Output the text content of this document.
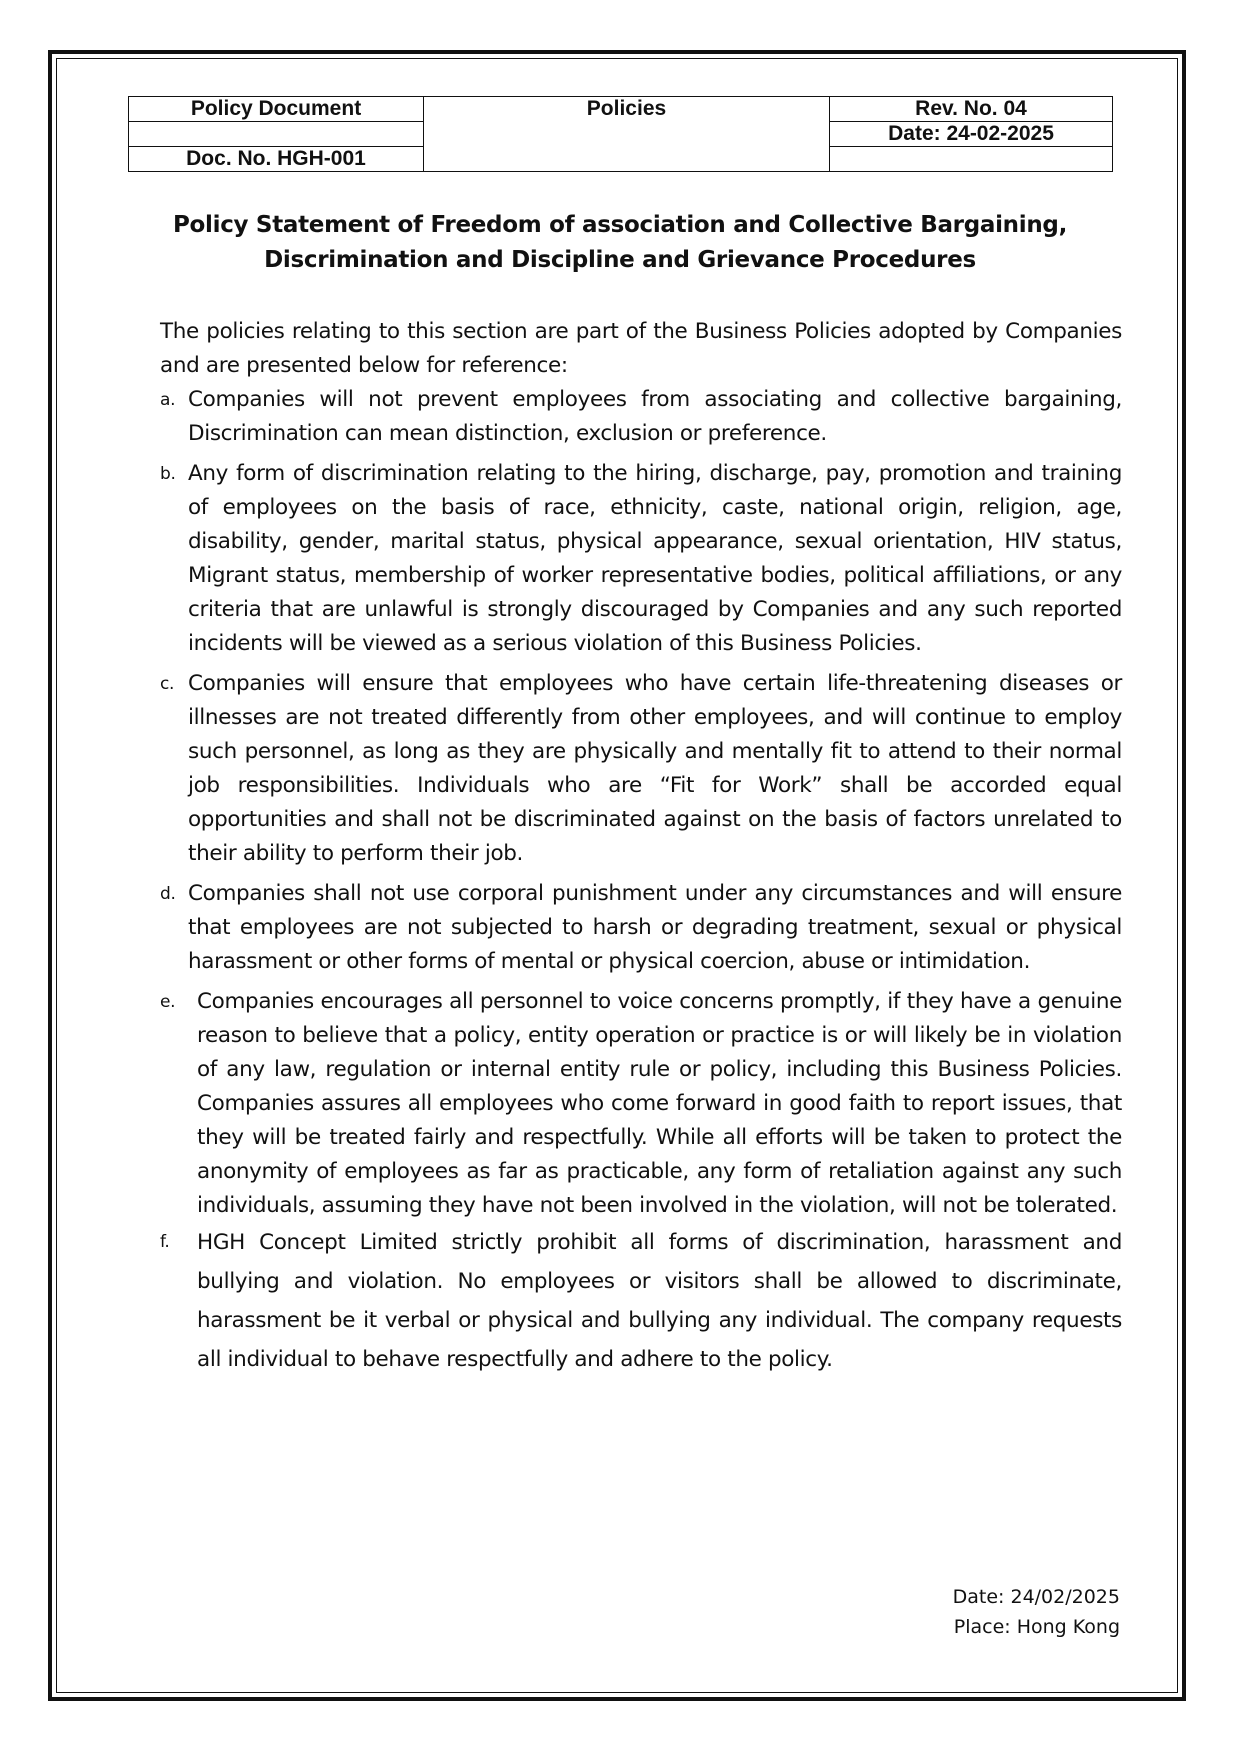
Policy Document	Policies	Rev. No. 04
		Date: 24-02-2025
Doc. No. HGH-001		
Policy Statement of Freedom of association and Collective Bargaining,
Discrimination and Discipline and Grievance Procedures

The policies relating to this section are part of the Business Policies adopted by Companies and are presented below for reference:

a. Companies will not prevent employees from associating and collective bargaining, Discrimination can mean distinction, exclusion or preference.
b. Any form of discrimination relating to the hiring, discharge, pay, promotion and training of employees on the basis of race, ethnicity, caste, national origin, religion, age, disability, gender, marital status, physical appearance, sexual orientation, HIV status, Migrant status, membership of worker representative bodies, political affiliations, or any criteria that are unlawful is strongly discouraged by Companies and any such reported incidents will be viewed as a serious violation of this Business Policies.
c. Companies will ensure that employees who have certain life-threatening diseases or illnesses are not treated differently from other employees, and will continue to employ such personnel, as long as they are physically and mentally fit to attend to their normal job responsibilities. Individuals who are “Fit for Work” shall be accorded equal opportunities and shall not be discriminated against on the basis of factors unrelated to their ability to perform their job.
d. Companies shall not use corporal punishment under any circumstances and will ensure that employees are not subjected to harsh or degrading treatment, sexual or physical harassment or other forms of mental or physical coercion, abuse or intimidation.
e. Companies encourages all personnel to voice concerns promptly, if they have a genuine reason to believe that a policy, entity operation or practice is or will likely be in violation of any law, regulation or internal entity rule or policy, including this Business Policies. Companies assures all employees who come forward in good faith to report issues, that they will be treated fairly and respectfully. While all efforts will be taken to protect the anonymity of employees as far as practicable, any form of retaliation against any such individuals, assuming they have not been involved in the violation, will not be tolerated.
f. HGH Concept Limited strictly prohibit all forms of discrimination, harassment and bullying and violation. No employees or visitors shall be allowed to discriminate, harassment be it verbal or physical and bullying any individual. The company requests all individual to behave respectfully and adhere to the policy.
Date: 24/02/2025
Place: Hong Kong
